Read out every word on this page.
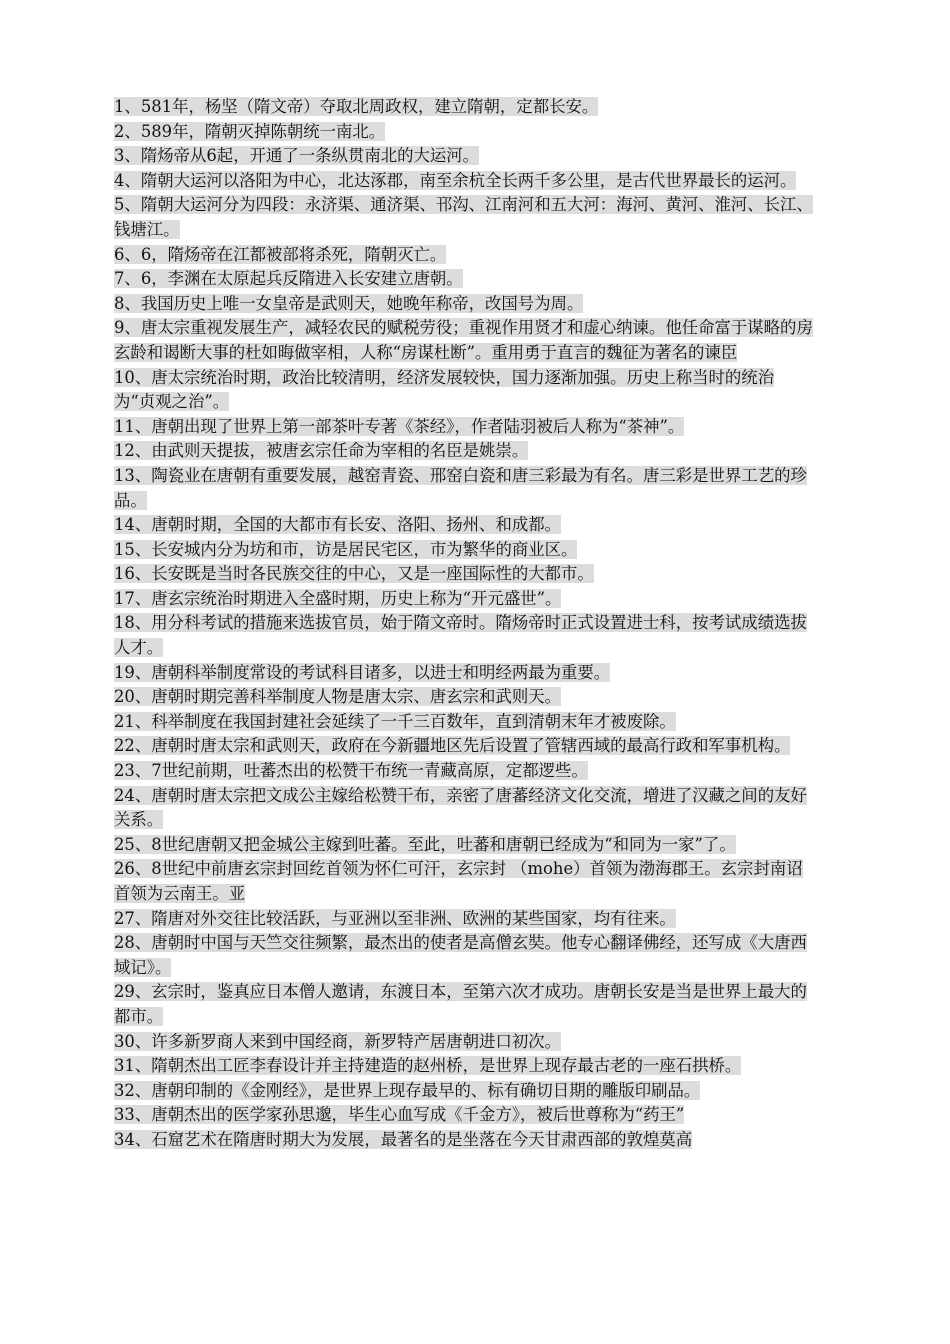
1、581年，杨坚（隋文帝）夺取北周政权，建立隋朝，定都长安。

2、589年，隋朝灭掉陈朝统一南北。

3、隋炀帝从6起，开通了一条纵贯南北的大运河。

4、隋朝大运河以洛阳为中心，北达涿郡，南至余杭全长两千多公里，是古代世界最长的运河。

5、隋朝大运河分为四段：永济渠、通济渠、邗沟、江南河和五大河：海河、黄河、淮河、长江、钱塘江。

6、6，隋炀帝在江都被部将杀死，隋朝灭亡。

7、6，李渊在太原起兵反隋进入长安建立唐朝。

8、我国历史上唯一女皇帝是武则天，她晚年称帝，改国号为周。

9、唐太宗重视发展生产，减轻农民的赋税劳役；重视作用贤才和虚心纳谏。他任命富于谋略的房玄龄和谒断大事的杜如晦做宰相，人称“房谋杜断”。重用勇于直言的魏征为著名的谏臣

10、唐太宗统治时期，政治比较清明，经济发展较快，国力逐渐加强。历史上称当时的统治为“贞观之治”。

11、唐朝出现了世界上第一部茶叶专著《茶经》，作者陆羽被后人称为“茶神”。

12、由武则天提拔，被唐玄宗任命为宰相的名臣是姚崇。

13、陶瓷业在唐朝有重要发展，越窑青瓷、邢窑白瓷和唐三彩最为有名。唐三彩是世界工艺的珍品。

14、唐朝时期，全国的大都市有长安、洛阳、扬州、和成都。

15、长安城内分为坊和市，访是居民宅区，市为繁华的商业区。

16、长安既是当时各民族交往的中心，又是一座国际性的大都市。

17、唐玄宗统治时期进入全盛时期，历史上称为“开元盛世”。

18、用分科考试的措施来选拔官员，始于隋文帝时。隋炀帝时正式设置进士科，按考试成绩选拔人才。

19、唐朝科举制度常设的考试科目诸多，以进士和明经两最为重要。

20、唐朝时期完善科举制度人物是唐太宗、唐玄宗和武则天。

21、科举制度在我国封建社会延续了一千三百数年，直到清朝末年才被废除。

22、唐朝时唐太宗和武则天，政府在今新疆地区先后设置了管辖西域的最高行政和军事机构。

23、7世纪前期，吐蕃杰出的松赞干布统一青藏高原，定都逻些。

24、唐朝时唐太宗把文成公主嫁给松赞干布，亲密了唐蕃经济文化交流，增进了汉藏之间的友好关系。

25、8世纪唐朝又把金城公主嫁到吐蕃。至此，吐蕃和唐朝已经成为“和同为一家”了。

26、8世纪中前唐玄宗封回纥首领为怀仁可汗，玄宗封 （mohe）首领为渤海郡王。玄宗封南诏首领为云南王。亚

27、隋唐对外交往比较活跃，与亚洲以至非洲、欧洲的某些国家，均有往来。

28、唐朝时中国与天竺交往频繁，最杰出的使者是高僧玄奘。他专心翻译佛经，还写成《大唐西域记》。

29、玄宗时，鉴真应日本僧人邀请，东渡日本，至第六次才成功。唐朝长安是当是世界上最大的都市。

30、许多新罗商人来到中国经商，新罗特产居唐朝进口初次。

31、隋朝杰出工匠李春设计并主持建造的赵州桥，是世界上现存最古老的一座石拱桥。

32、唐朝印制的《金刚经》，是世界上现存最早的、标有确切日期的雕版印刷品。

33、唐朝杰出的医学家孙思邈，毕生心血写成《千金方》，被后世尊称为“药王”

34、石窟艺术在隋唐时期大为发展，最著名的是坐落在今天甘肃西部的敦煌莫高
